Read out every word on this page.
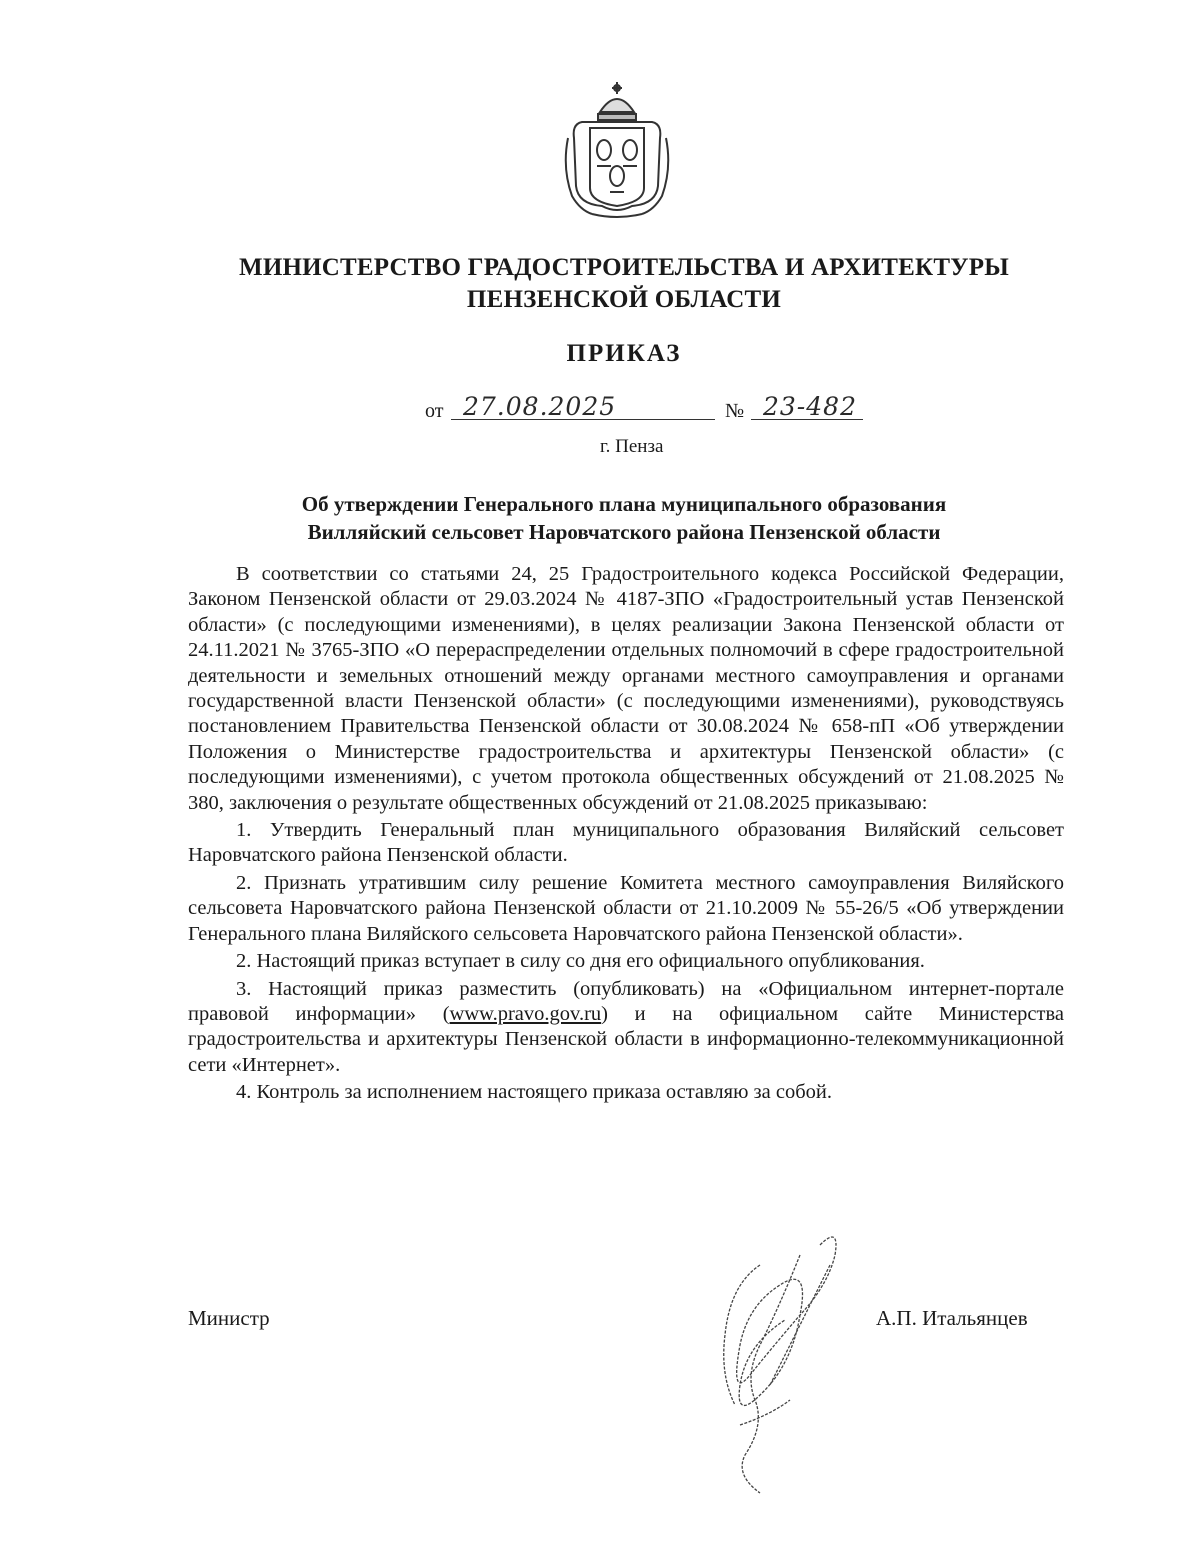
МИНИСТЕРСТВО ГРАДОСТРОИТЕЛЬСТВА И АРХИТЕКТУРЫ
ПЕНЗЕНСКОЙ ОБЛАСТИ
ПРИКАЗ
от 27.08.2025	№ 23-482
г. Пенза
Об утверждении Генерального плана муниципального образования
Вилляйский сельсовет Наровчатского района Пензенской области

В соответствии со статьями 24, 25 Градостроительного кодекса Российской Федерации, Законом Пензенской области от 29.03.2024 № 4187-ЗПО «Градостроительный устав Пензенской области» (с последующими изменениями), в целях реализации Закона Пензенской области от 24.11.2021 № 3765-ЗПО «О перераспределении отдельных полномочий в сфере градостроительной деятельности и земельных отношений между органами местного самоуправления и органами государственной власти Пензенской области» (с последующими изменениями), руководствуясь постановлением Правительства Пензенской области от 30.08.2024 № 658-пП «Об утверждении Положения о Министерстве градостроительства и архитектуры Пензенской области» (с последующими изменениями), с учетом протокола общественных обсуждений от 21.08.2025 № 380, заключения о результате общественных обсуждений от 21.08.2025 приказываю:

1. Утвердить Генеральный план муниципального образования Виляйский сельсовет Наровчатского района Пензенской области.

2. Признать утратившим силу решение Комитета местного самоуправления Виляйского сельсовета Наровчатского района Пензенской области от 21.10.2009 № 55-26/5 «Об утверждении Генерального плана Виляйского сельсовета Наровчатского района Пензенской области».

2. Настоящий приказ вступает в силу со дня его официального опубликования.

3. Настоящий приказ разместить (опубликовать) на «Официальном интернет-портале правовой информации» (www.pravo.gov.ru) и на официальном сайте Министерства градостроительства и архитектуры Пензенской области в информационно-телекоммуникационной сети «Интернет».

4. Контроль за исполнением настоящего приказа оставляю за собой.

Министр	А.П. Итальянцев
